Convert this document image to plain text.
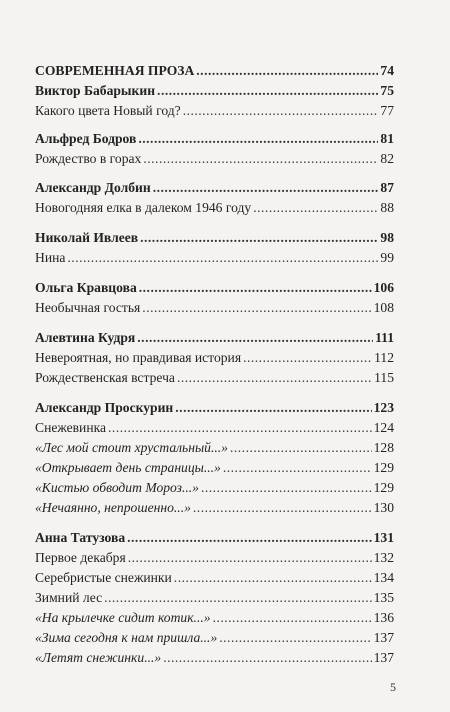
СОВРЕМЕННАЯ ПРОЗА .....	74
Виктор Бабарыкин .....	75
Какого цвета Новый год? .....	77
Альфред Бодров .....	81
Рождество в горах .....	82
Александр Долбин .....	87
Новогодняя елка в далеком 1946 году .....	88
Николай Ивлеев .....	98
Нина .....	99
Ольга Кравцова .....	106
Необычная гостья .....	108
Алевтина Кудря .....	111
Невероятная, но правдивая история .....	112
Рождественская встреча .....	115
Александр Проскурин .....	123
Снежевинка .....	124
«Лес мой стоит хрустальный...» .....	128
«Открывает день страницы...» .....	129
«Кистью обводит Мороз...» .....	129
«Нечаянно, непрошенно...» .....	130
Анна Татузова .....	131
Первое декабря .....	132
Серебристые снежинки .....	134
Зимний лес .....	135
«На крылечке сидит котик...» .....	136
«Зима сегодня к нам пришла...» .....	137
«Летят снежинки...» .....	137
5
